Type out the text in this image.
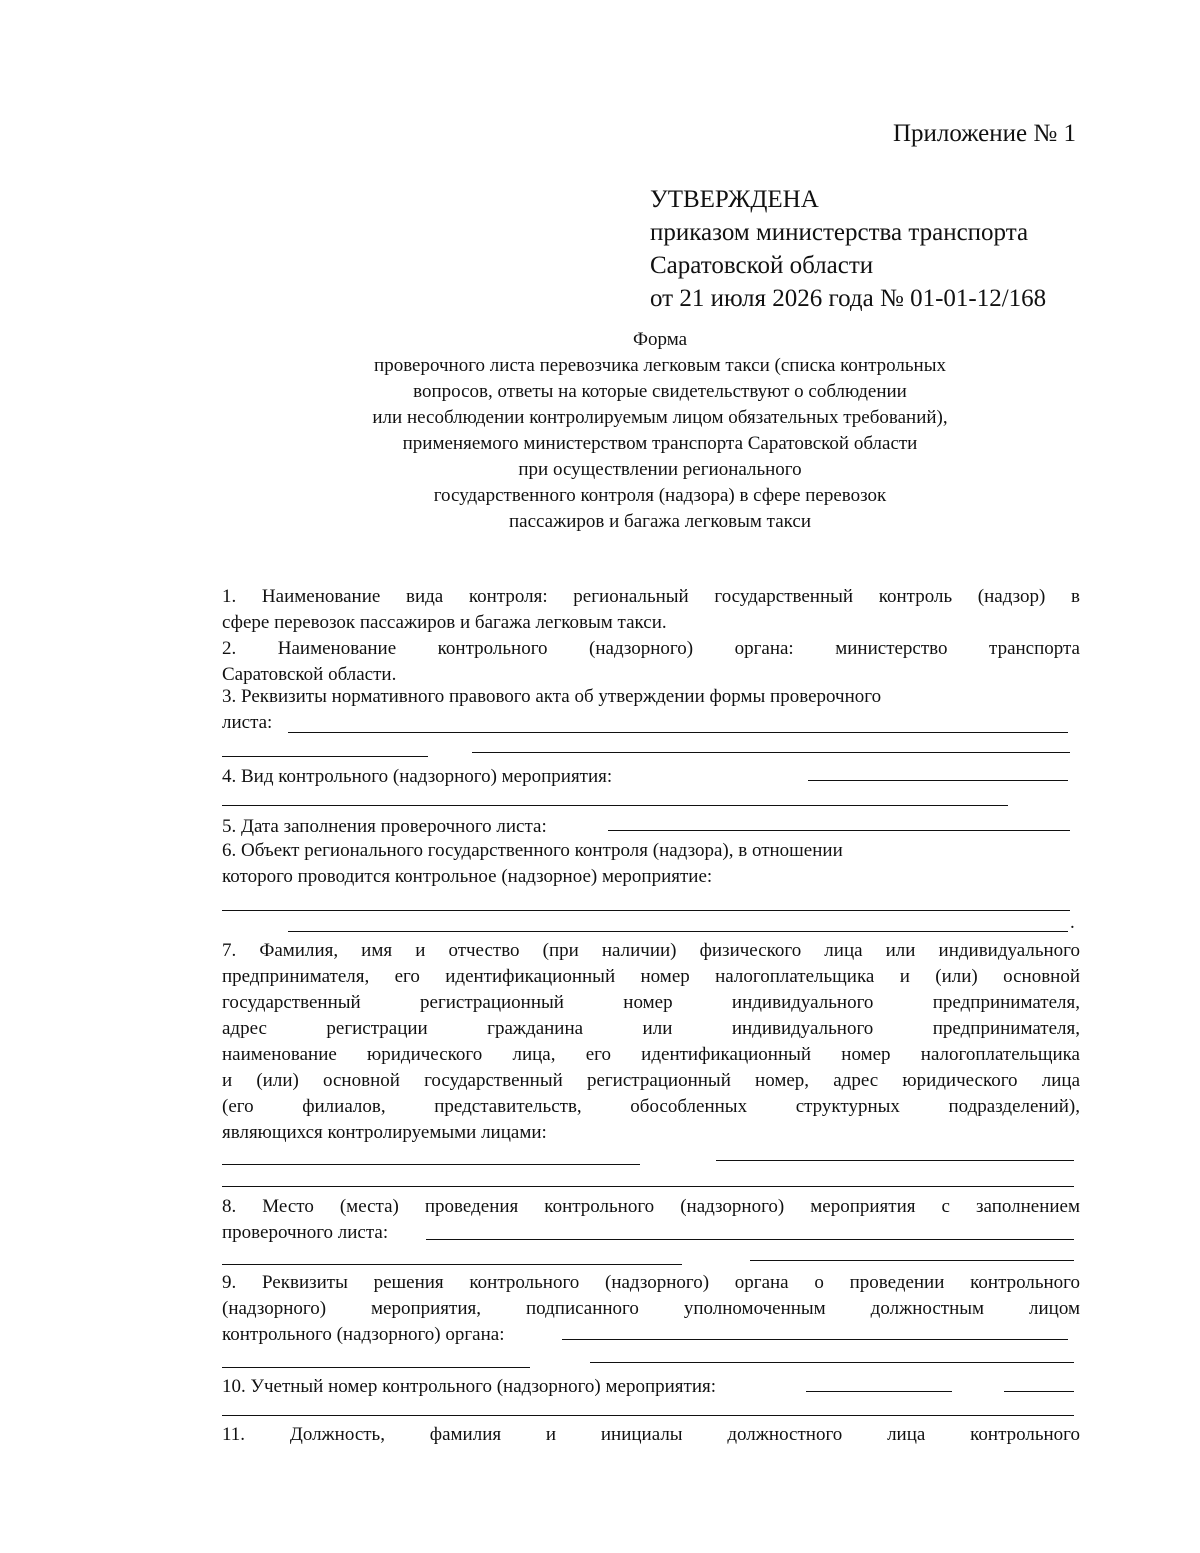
Приложение № 1
УТВЕРЖДЕНА
приказом министерства транспорта
Саратовской области
от 21 июля 2026 года № 01-01-12/168
Форма
проверочного листа перевозчика легковым такси (списка контрольных
вопросов, ответы на которые свидетельствуют о соблюдении
или несоблюдении контролируемым лицом обязательных требований),
применяемого министерством транспорта Саратовской области
при осуществлении регионального
государственного контроля (надзора) в сфере перевозок
пассажиров и багажа легковым такси
1. Наименование вида контроля: региональный государственный контроль (надзор) в
сфере перевозок пассажиров и багажа легковым такси.
2. Наименование контрольного (надзорного) органа: министерство транспорта
Саратовской области.
3. Реквизиты нормативного правового акта об утверждении формы проверочного
листа:
4. Вид контрольного (надзорного) мероприятия:
5. Дата заполнения проверочного листа:
6. Объект регионального государственного контроля (надзора), в отношении
которого проводится контрольное (надзорное) мероприятие:
.
7. Фамилия, имя и отчество (при наличии) физического лица или индивидуального
предпринимателя, его идентификационный номер налогоплательщика и (или) основной
государственный регистрационный номер индивидуального предпринимателя,
адрес регистрации гражданина или индивидуального предпринимателя,
наименование юридического лица, его идентификационный номер налогоплательщика
и (или) основной государственный регистрационный номер, адрес юридического лица
(его филиалов, представительств, обособленных структурных подразделений),
являющихся контролируемыми лицами:
8. Место (места) проведения контрольного (надзорного) мероприятия с заполнением
проверочного листа:
9. Реквизиты решения контрольного (надзорного) органа о проведении контрольного
(надзорного) мероприятия, подписанного уполномоченным должностным лицом
контрольного (надзорного) органа:
10. Учетный номер контрольного (надзорного) мероприятия:
11. Должность, фамилия и инициалы должностного лица контрольного
